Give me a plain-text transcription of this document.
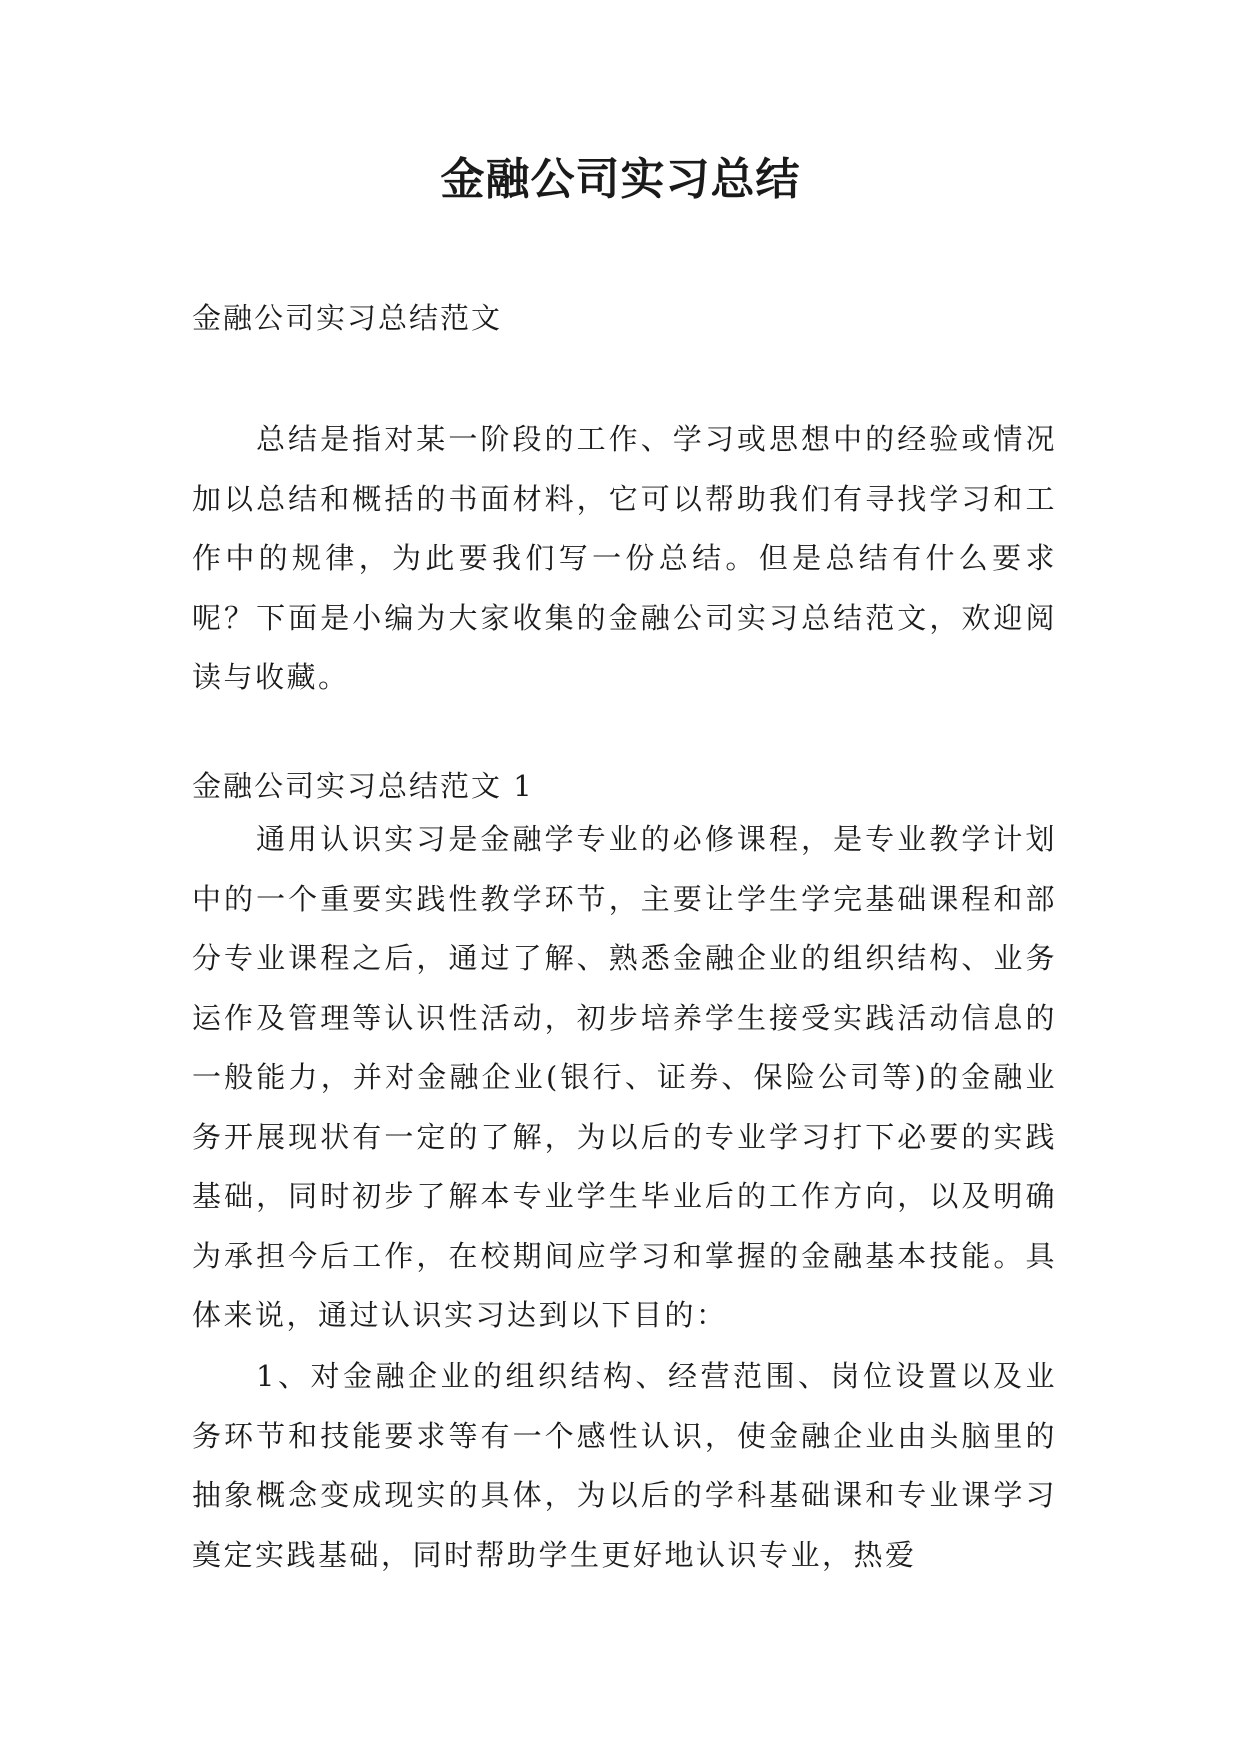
金融公司实习总结

金融公司实习总结范文

总结是指对某一阶段的工作、学习或思想中的经验或情况加以总结和概括的书面材料，它可以帮助我们有寻找学习和工作中的规律，为此要我们写一份总结。但是总结有什么要求呢？下面是小编为大家收集的金融公司实习总结范文，欢迎阅读与收藏。

金融公司实习总结范文 1

通用认识实习是金融学专业的必修课程，是专业教学计划中的一个重要实践性教学环节，主要让学生学完基础课程和部分专业课程之后，通过了解、熟悉金融企业的组织结构、业务运作及管理等认识性活动，初步培养学生接受实践活动信息的一般能力，并对金融企业(银行、证券、保险公司等)的金融业务开展现状有一定的了解，为以后的专业学习打下必要的实践基础，同时初步了解本专业学生毕业后的工作方向，以及明确为承担今后工作，在校期间应学习和掌握的金融基本技能。具体来说，通过认识实习达到以下目的：

1、对金融企业的组织结构、经营范围、岗位设置以及业务环节和技能要求等有一个感性认识，使金融企业由头脑里的抽象概念变成现实的具体，为以后的学科基础课和专业课学习奠定实践基础，同时帮助学生更好地认识专业，热爱
